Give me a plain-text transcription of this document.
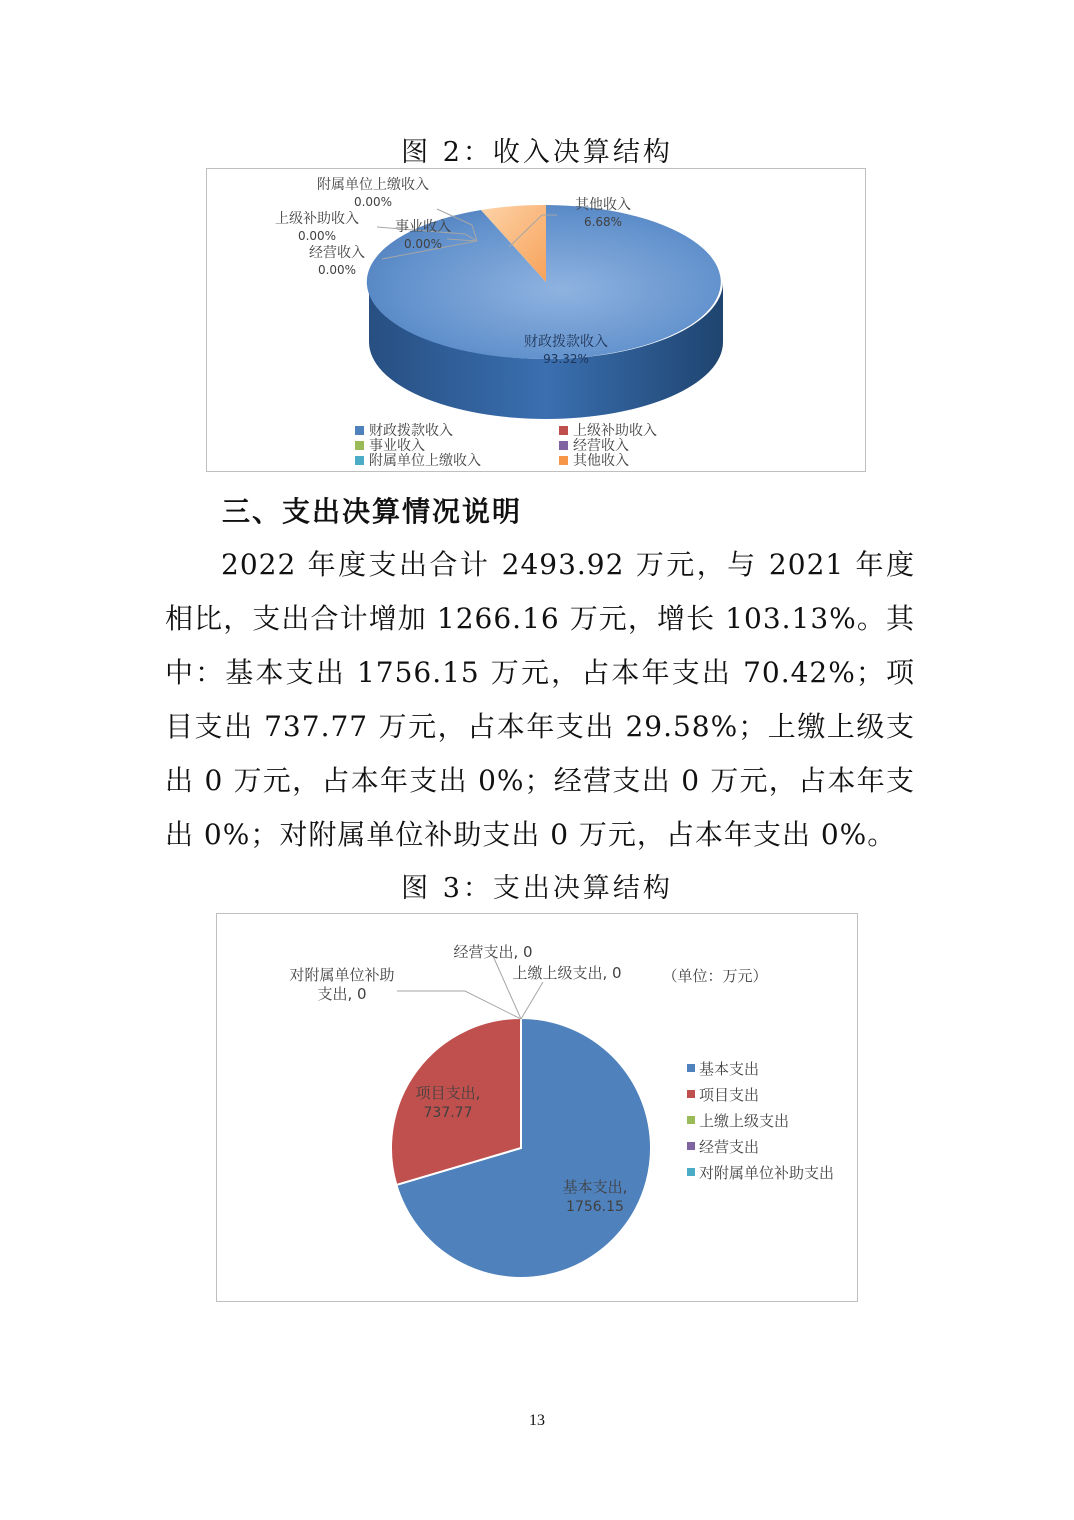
图 2：收入决算结构
附属单位上缴收入
0.00%
上级补助收入
0.00%
事业收入
0.00%
经营收入
0.00%
其他收入
6.68%
财政拨款收入
93.32%
财政拨款收入	上级补助收入
事业收入	经营收入
附属单位上缴收入	其他收入
三、支出决算情况说明
2022 年度支出合计 2493.92 万元，与 2021 年度相比，支出合计增加 1266.16 万元，增长 103.13%。其中：基本支出 1756.15 万元，占本年支出 70.42%；项目支出 737.77 万元，占本年支出 29.58%；上缴上级支出 0 万元，占本年支出 0%；经营支出 0 万元，占本年支出 0%；对附属单位补助支出 0 万元，占本年支出 0%。
图 3：支出决算结构
对附属单位补助
支出, 0
经营支出, 0
上缴上级支出, 0	（单位：万元）
项目支出,
737.77
基本支出,
1756.15
基本支出
项目支出
上缴上级支出
经营支出
对附属单位补助支出
13
